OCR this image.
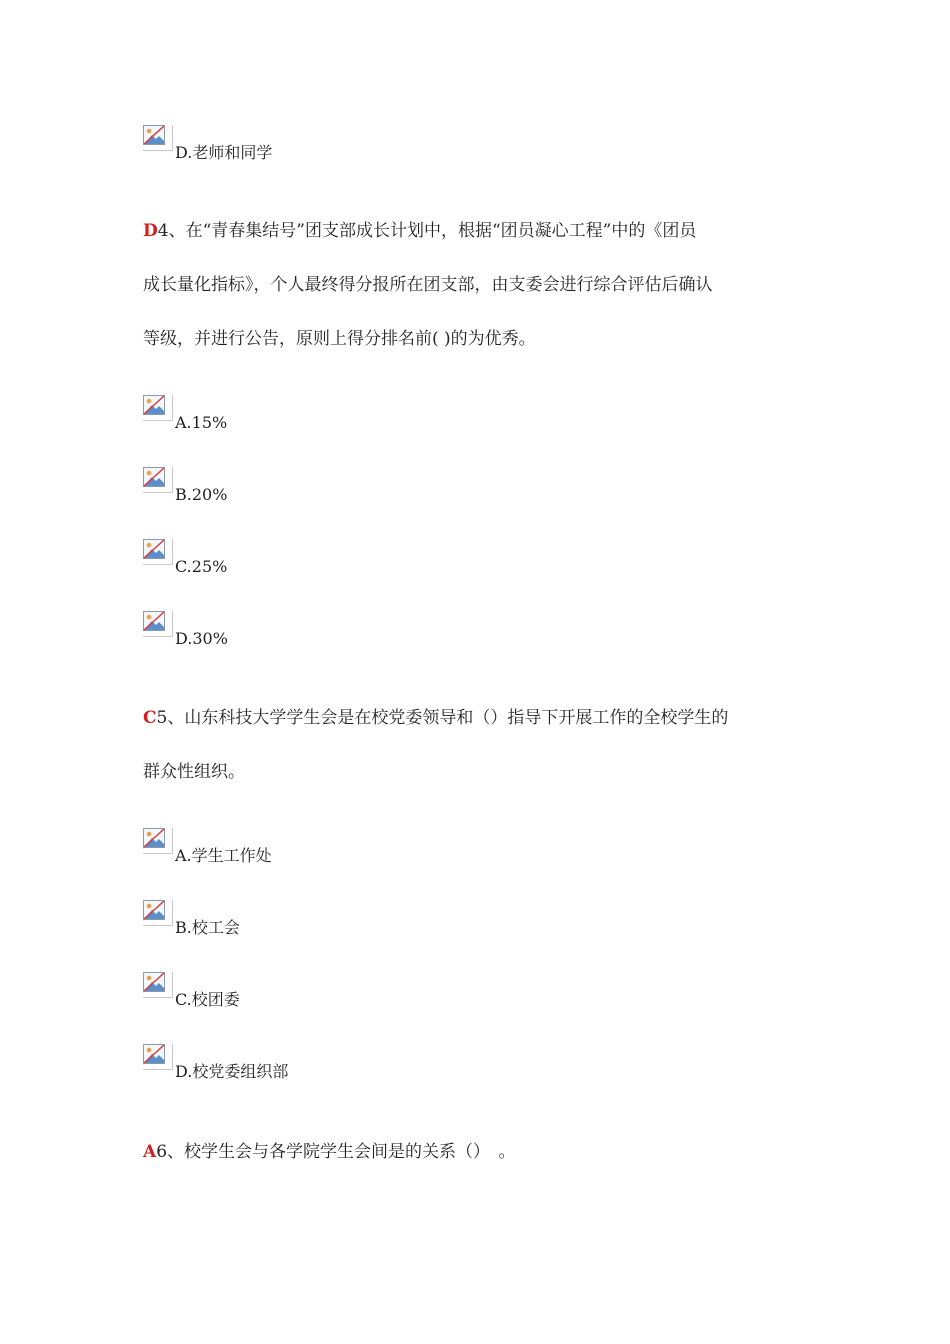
D.老师和同学
D4、在“青春集结号”团支部成长计划中，根据“团员凝心工程”中的《团员
成长量化指标》，个人最终得分报所在团支部，由支委会进行综合评估后确认
等级，并进行公告，原则上得分排名前( )的为优秀。
A.15%
B.20%
C.25%
D.30%
C5、山东科技大学学生会是在校党委领导和（）指导下开展工作的全校学生的
群众性组织。
A.学生工作处
B.校工会
C.校团委
D.校党委组织部
A6、校学生会与各学院学生会间是的关系（）　。
